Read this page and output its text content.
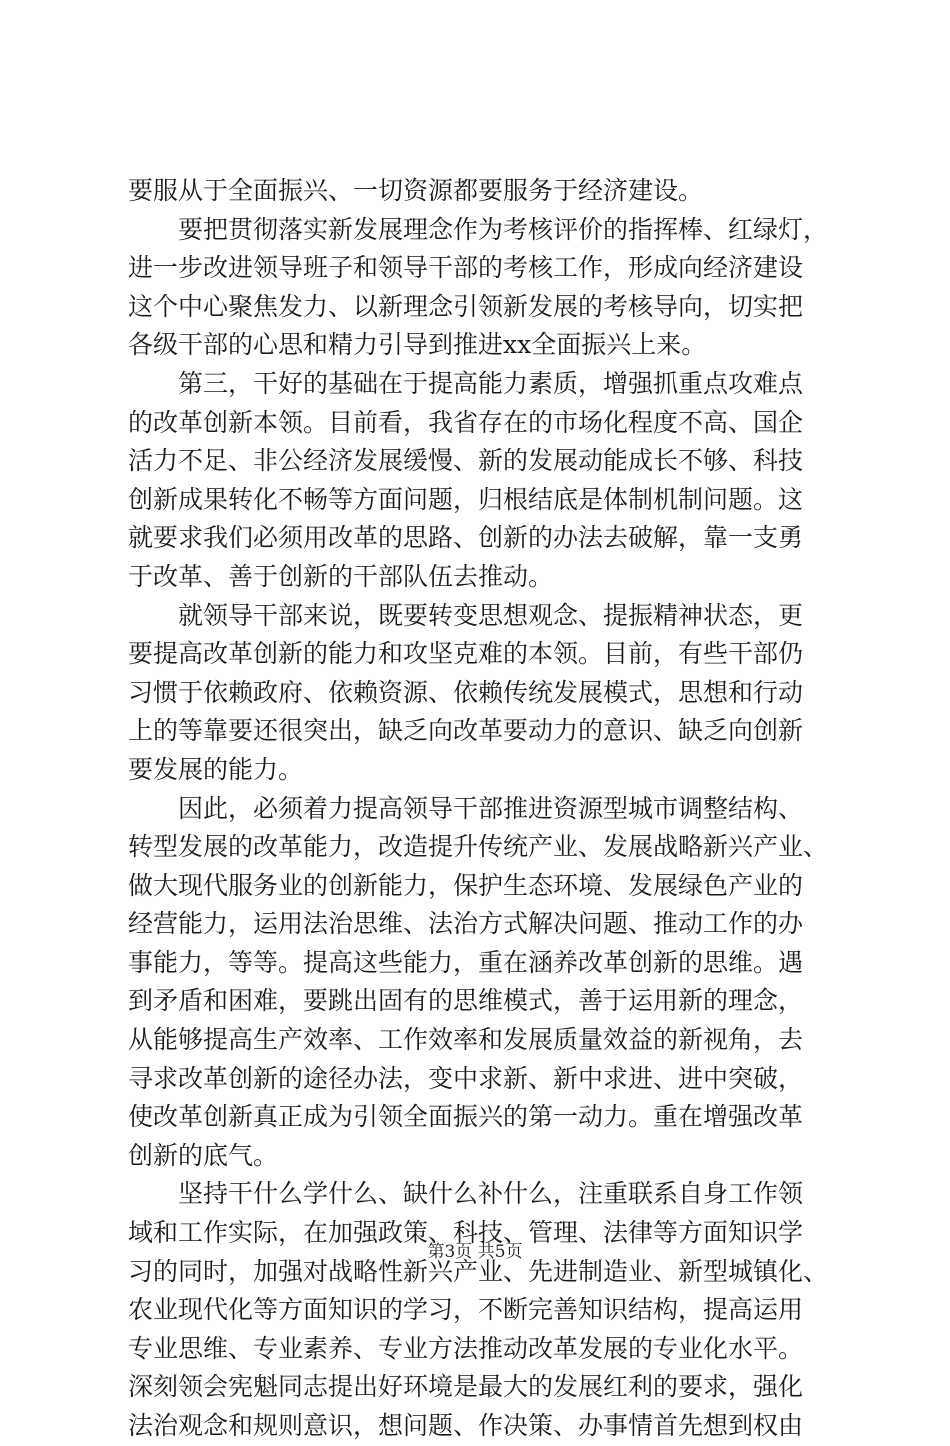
要服从于全面振兴、一切资源都要服务于经济建设。
要把贯彻落实新发展理念作为考核评价的指挥棒、红绿灯，
进一步改进领导班子和领导干部的考核工作，形成向经济建设
这个中心聚焦发力、以新理念引领新发展的考核导向，切实把
各级干部的心思和精力引导到推进xx全面振兴上来。
第三，干好的基础在于提高能力素质，增强抓重点攻难点
的改革创新本领。目前看，我省存在的市场化程度不高、国企
活力不足、非公经济发展缓慢、新的发展动能成长不够、科技
创新成果转化不畅等方面问题，归根结底是体制机制问题。这
就要求我们必须用改革的思路、创新的办法去破解，靠一支勇
于改革、善于创新的干部队伍去推动。
就领导干部来说，既要转变思想观念、提振精神状态，更
要提高改革创新的能力和攻坚克难的本领。目前，有些干部仍
习惯于依赖政府、依赖资源、依赖传统发展模式，思想和行动
上的等靠要还很突出，缺乏向改革要动力的意识、缺乏向创新
要发展的能力。
因此，必须着力提高领导干部推进资源型城市调整结构、
转型发展的改革能力，改造提升传统产业、发展战略新兴产业、
做大现代服务业的创新能力，保护生态环境、发展绿色产业的
经营能力，运用法治思维、法治方式解决问题、推动工作的办
事能力，等等。提高这些能力，重在涵养改革创新的思维。遇
到矛盾和困难，要跳出固有的思维模式，善于运用新的理念，
从能够提高生产效率、工作效率和发展质量效益的新视角，去
寻求改革创新的途径办法，变中求新、新中求进、进中突破，
使改革创新真正成为引领全面振兴的第一动力。重在增强改革
创新的底气。
坚持干什么学什么、缺什么补什么，注重联系自身工作领
域和工作实际，在加强政策、科技、管理、法律等方面知识学
习的同时，加强对战略性新兴产业、先进制造业、新型城镇化、
农业现代化等方面知识的学习，不断完善知识结构，提高运用
专业思维、专业素养、专业方法推动改革发展的专业化水平。
深刻领会宪魁同志提出好环境是最大的发展红利的要求，强化
法治观念和规则意识，想问题、作决策、办事情首先想到权由
第3页 共5页
